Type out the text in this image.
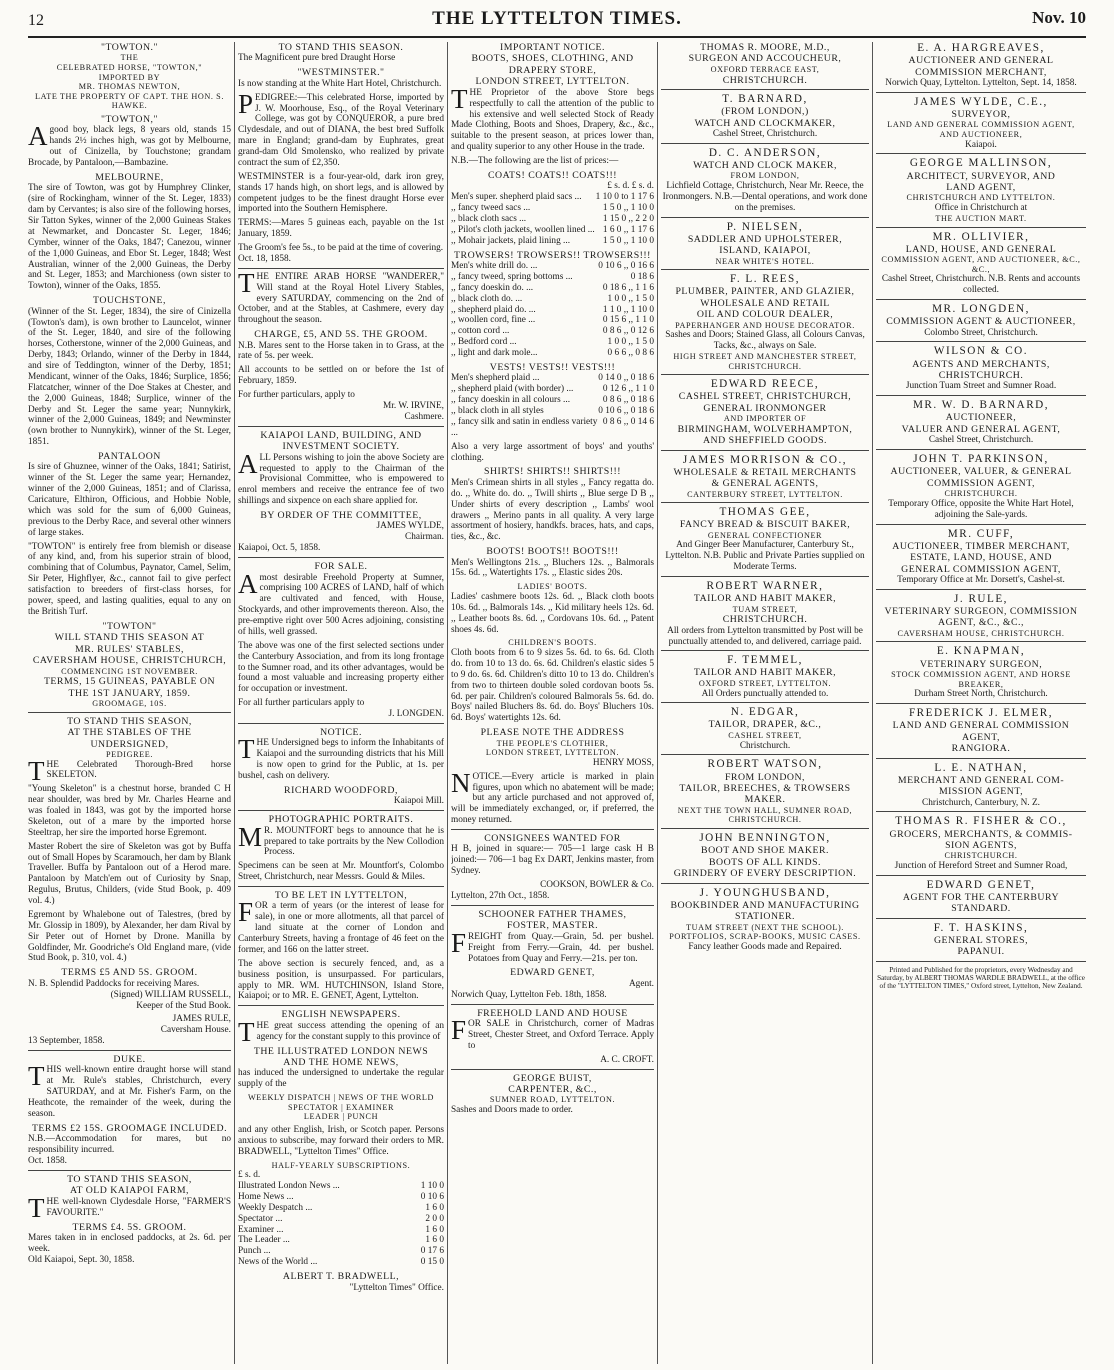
12	THE LYTTELTON TIMES.	Nov. 10

"TOWTON."

THE

CELEBRATED HORSE, "TOWTON,"

IMPORTED BY

MR. THOMAS NEWTON,

LATE THE PROPERTY OF CAPT. THE HON. S. HAWKE.

"TOWTON,"

Agood boy, black legs, 8 years old, stands 15 hands 2½ inches high, was got by Melbourne, out of Cinizella, by Touchstone; grandam Brocade, by Pantaloon,—Bambazine.

MELBOURNE,

The sire of Towton, was got by Humphrey Clinker, (sire of Rockingham, winner of the St. Leger, 1833) dam by Cervantes; is also sire of the following horses, Sir Tatton Sykes, winner of the 2,000 Guineas Stakes at Newmarket, and Doncaster St. Leger, 1846; Cymber, winner of the Oaks, 1847; Canezou, winner of the 1,000 Guineas, and Ebor St. Leger, 1848; West Australian, winner of the 2,000 Guineas, the Derby and St. Leger, 1853; and Marchioness (own sister to Towton), winner of the Oaks, 1855.

TOUCHSTONE,

(Winner of the St. Leger, 1834), the sire of Cinizella (Towton's dam), is own brother to Launcelot, winner of the St. Leger, 1840, and sire of the following horses, Cotherstone, winner of the 2,000 Guineas, and Derby, 1843; Orlando, winner of the Derby in 1844, and sire of Teddington, winner of the Derby, 1851; Mendicant, winner of the Oaks, 1846; Surplice, 1856; Flatcatcher, winner of the Doe Stakes at Chester, and the 2,000 Guineas, 1848; Surplice, winner of the Derby and St. Leger the same year; Nunnykirk, winner of the 2,000 Guineas, 1849; and Newminster (own brother to Nunnykirk), winner of the St. Leger, 1851.

PANTALOON

Is sire of Ghuznee, winner of the Oaks, 1841; Satirist, winner of the St. Leger the same year; Hernandez, winner of the 2,000 Guineas, 1851; and of Clarissa, Caricature, Elthiron, Officious, and Hobbie Noble, which was sold for the sum of 6,000 Guineas, previous to the Derby Race, and several other winners of large stakes.

"TOWTON" is entirely free from blemish or disease of any kind, and, from his superior strain of blood, combining that of Columbus, Paynator, Camel, Selim, Sir Peter, Highflyer, &c., cannot fail to give perfect satisfaction to breeders of first-class horses, for power, speed, and lasting qualities, equal to any on the British Turf.

"TOWTON"

WILL STAND THIS SEASON AT

MR. RULES' STABLES,

CAVERSHAM HOUSE, CHRISTCHURCH,

COMMENCING 1ST NOVEMBER.

TERMS, 15 GUINEAS, PAYABLE ON

THE 1ST JANUARY, 1859.

GROOMAGE, 10S.

TO STAND THIS SEASON,

AT THE STABLES OF THE

UNDERSIGNED,

PEDIGREE.

THE Celebrated Thorough-Bred horse SKELETON.

"Young Skeleton" is a chestnut horse, branded C H near shoulder, was bred by Mr. Charles Hearne and was foaled in 1843, was got by the imported horse Skeleton, out of a mare by the imported horse Steeltrap, her sire the imported horse Egremont.

Master Robert the sire of Skeleton was got by Buffa out of Small Hopes by Scaramouch, her dam by Blank Traveller. Buffa by Pantaloon out of a Herod mare. Pantaloon by Match'em out of Curiosity by Snap, Regulus, Brutus, Childers, (vide Stud Book, p. 409 vol. 4.)

Egremont by Whalebone out of Talestres, (bred by Mr. Glossip in 1809), by Alexander, her dam Rival by Sir Peter out of Hornet by Drone. Manilla by Goldfinder, Mr. Goodriche's Old England mare, (vide Stud Book, p. 310, vol. 4.)

TERMS £5 AND 5S. GROOM.

N. B. Splendid Paddocks for receiving Mares.

(Signed) WILLIAM RUSSELL,

Keeper of the Stud Book.

JAMES RULE,

Caversham House.

13 September, 1858.

DUKE.

THIS well-known entire draught horse will stand at Mr. Rule's stables, Christchurch, every SATURDAY, and at Mr. Fisher's Farm, on the Heathcote, the remainder of the week, during the season.

TERMS £2 15S. GROOMAGE INCLUDED.

N.B.—Accommodation for mares, but no responsibility incurred.

Oct. 1858.

TO STAND THIS SEASON,

AT OLD KAIAPOI FARM,

THE well-known Clydesdale Horse, "FARMER'S FAVOURITE."

TERMS £4. 5S. GROOM.

Mares taken in in enclosed paddocks, at 2s. 6d. per week.

Old Kaiapoi, Sept. 30, 1858.

TO STAND THIS SEASON.

The Magnificent pure bred Draught Horse

"WESTMINSTER."

Is now standing at the White Hart Hotel, Christchurch.

PEDIGREE:—This celebrated Horse, imported by J. W. Moorhouse, Esq., of the Royal Veterinary College, was got by CONQUEROR, a pure bred Clydesdale, and out of DIANA, the best bred Suffolk mare in England; grand-dam by Euphrates, great grand-dam Old Smolensko, who realized by private contract the sum of £2,350.

WESTMINSTER is a four-year-old, dark iron grey, stands 17 hands high, on short legs, and is allowed by competent judges to be the finest draught Horse ever imported into the Southern Hemisphere.

TERMS:—Mares 5 guineas each, payable on the 1st January, 1859.

The Groom's fee 5s., to be paid at the time of covering.

Oct. 18, 1858.

THE ENTIRE ARAB HORSE "WANDERER," Will stand at the Royal Hotel Livery Stables, every SATURDAY, commencing on the 2nd of October, and at the Stables, at Cashmere, every day throughout the season.

CHARGE, £5, AND 5S. THE GROOM.

N.B. Mares sent to the Horse taken in to Grass, at the rate of 5s. per week.

All accounts to be settled on or before the 1st of February, 1859.

For further particulars, apply to

Mr. W. IRVINE,

Cashmere.

KAIAPOI LAND, BUILDING, AND

INVESTMENT SOCIETY.

ALL Persons wishing to join the above Society are requested to apply to the Chairman of the Provisional Committee, who is empowered to enrol members and receive the entrance fee of two shillings and sixpence on each share applied for.

BY ORDER OF THE COMMITTEE,

JAMES WYLDE,

Chairman.

Kaiapoi, Oct. 5, 1858.

FOR SALE.

Amost desirable Freehold Property at Sumner, comprising 100 ACRES of LAND, half of which are cultivated and fenced, with House, Stockyards, and other improvements thereon. Also, the pre-emptive right over 500 Acres adjoining, consisting of hills, well grassed.

The above was one of the first selected sections under the Canterbury Association, and from its long frontage to the Sumner road, and its other advantages, would be found a most valuable and increasing property either for occupation or investment.

For all further particulars apply to

J. LONGDEN.

NOTICE.

THE Undersigned begs to inform the Inhabitants of Kaiapoi and the surrounding districts that his Mill is now open to grind for the Public, at 1s. per bushel, cash on delivery.

RICHARD WOODFORD,

Kaiapoi Mill.

PHOTOGRAPHIC PORTRAITS.

MR. MOUNTFORT begs to announce that he is prepared to take portraits by the New Collodion Process.

Specimens can be seen at Mr. Mountfort's, Colombo Street, Christchurch, near Messrs. Gould & Miles.

TO BE LET IN LYTTELTON,

FOR a term of years (or the interest of lease for sale), in one or more allotments, all that parcel of land situate at the corner of London and Canterbury Streets, having a frontage of 46 feet on the former, and 166 on the latter street.

The above section is securely fenced, and, as a business position, is unsurpassed. For particulars, apply to MR. WM. HUTCHINSON, Island Store, Kaiapoi; or to MR. E. GENET, Agent, Lyttelton.

ENGLISH NEWSPAPERS.

THE great success attending the opening of an agency for the constant supply to this province of

THE ILLUSTRATED LONDON NEWS

AND THE HOME NEWS,

has induced the undersigned to undertake the regular supply of the

WEEKLY DISPATCH | NEWS OF THE WORLD

SPECTATOR | EXAMINER

LEADER | PUNCH

and any other English, Irish, or Scotch paper. Persons anxious to subscribe, may forward their orders to MR. BRADWELL, "Lyttelton Times" Office.

HALF-YEARLY SUBSCRIPTIONS.

£ s. d.
Illustrated London News ...	1 10 0
Home News ...	0 10 6
Weekly Despatch ...	1 6 0
Spectator ...	2 0 0
Examiner ...	1 6 0
The Leader ...	1 6 0
Punch ...	0 17 6
News of the World ...	0 15 0

ALBERT T. BRADWELL,

"Lyttelton Times" Office.

IMPORTANT NOTICE.

BOOTS, SHOES, CLOTHING, AND

DRAPERY STORE,

LONDON STREET, LYTTELTON.

THE Proprietor of the above Store begs respectfully to call the attention of the public to his extensive and well selected Stock of Ready Made Clothing, Boots and Shoes, Drapery, &c., &c., suitable to the present season, at prices lower than, and quality superior to any other House in the trade.

N.B.—The following are the list of prices:—

COATS! COATS!! COATS!!!

£ s. d. £ s. d.
Men's super. shepherd plaid sacs ...	1 10 0 to 1 17 6
,, fancy tweed sacs ...	1 5 0 ,, 1 10 0
,, black cloth sacs ...	1 15 0 ,, 2 2 0
,, Pilot's cloth jackets, woollen lined ... 1 6 0 ,, 1 17 6
,, Mohair jackets, plaid lining ...	1 5 0 ,, 1 10 0

TROWSERS! TROWSERS!! TROWSERS!!!

Men's white drill do. ...	0 10 6 ,, 0 16 6
,, fancy tweed, spring bottoms ...	0 18 6
,, fancy doeskin do. ...	0 18 6 ,, 1 1 6
,, black cloth do. ...	1 0 0 ,, 1 5 0
,, shepherd plaid do. ...	1 1 0 ,, 1 10 0
,, woollen cord, fine ...	0 15 6 ,, 1 1 0
,, cotton cord ...	0 8 6 ,, 0 12 6
,, Bedford cord ...	1 0 0 ,, 1 5 0
,, light and dark mole...	0 6 6 ,, 0 8 6

VESTS! VESTS!! VESTS!!!

Men's shepherd plaid ...	0 14 0 ,, 0 18 6
,, shepherd plaid (with border) ...	0 12 6 ,, 1 1 0
,, fancy doeskin in all colours ...	0 8 6 ,, 0 18 6
,, black cloth in all styles	0 10 6 ,, 0 18 6
,, fancy silk and satin in endless variety ...
0 8 6 ,, 0 14 6

Also a very large assortment of boys' and youths' clothing.

SHIRTS! SHIRTS!! SHIRTS!!!

Men's Crimean shirts in all styles ,, Fancy regatta do. do. ,, White do. do. ,, Twill shirts ,, Blue serge D B ,, Under shirts of every description ,, Lambs' wool drawers ,, Merino pants in all quality. A very large assortment of hosiery, handkfs. braces, hats, and caps, ties, &c., &c.

BOOTS! BOOTS!! BOOTS!!!

Men's Wellingtons 21s. ,, Bluchers 12s. ,, Balmorals 15s. 6d. ,, Watertights 17s. ,, Elastic sides 20s.

LADIES' BOOTS.

Ladies' cashmere boots 12s. 6d. ,, Black cloth boots 10s. 6d. ,, Balmorals 14s. ,, Kid military heels 12s. 6d. ,, Leather boots 8s. 6d. ,, Cordovans 10s. 6d. ,, Patent shoes 4s. 6d.

CHILDREN'S BOOTS.

Cloth boots from 6 to 9 sizes 5s. 6d. to 6s. 6d. Cloth do. from 10 to 13 do. 6s. 6d. Children's elastic sides 5 to 9 do. 6s. 6d. Children's ditto 10 to 13 do. Children's from two to thirteen double soled cordovan boots 5s. 6d. per pair. Children's coloured Balmorals 5s. 6d. do. Boys' nailed Bluchers 8s. 6d. do. Boys' Bluchers 10s. 6d. Boys' watertights 12s. 6d.

PLEASE NOTE THE ADDRESS

THE PEOPLE'S CLOTHIER,

LONDON STREET, LYTTELTON.

HENRY MOSS,

NOTICE.—Every article is marked in plain figures, upon which no abatement will be made; but any article purchased and not approved of, will be immediately exchanged, or, if preferred, the money returned.

CONSIGNEES WANTED FOR

H B, joined in square:— 705—1 large cask H B joined:— 706—1 bag Ex DART, Jenkins master, from Sydney.

COOKSON, BOWLER & Co.

Lyttelton, 27th Oct., 1858.

SCHOONER FATHER THAMES,

FOSTER, MASTER.

FREIGHT from Quay.—Grain, 5d. per bushel. Freight from Ferry.—Grain, 4d. per bushel. Potatoes from Quay and Ferry.—21s. per ton.

EDWARD GENET,

Agent.

Norwich Quay, Lyttelton Feb. 18th, 1858.

FREEHOLD LAND AND HOUSE

FOR SALE in Christchurch, corner of Madras Street, Chester Street, and Oxford Terrace. Apply to

A. C. CROFT.

GEORGE BUIST,

CARPENTER, &C.,

SUMNER ROAD, LYTTELTON.

Sashes and Doors made to order.

THOMAS R. MOORE, M.D.,

SURGEON AND ACCOUCHEUR,

OXFORD TERRACE EAST,

CHRISTCHURCH.

T. BARNARD,

(FROM LONDON,)

WATCH AND CLOCKMAKER,

Cashel Street, Christchurch.

D. C. ANDERSON,

WATCH AND CLOCK MAKER,

FROM LONDON,

Lichfield Cottage, Christchurch, Near Mr. Reece, the Ironmongers. N.B.—Dental operations, and work done on the premises.

P. NIELSEN,

SADDLER AND UPHOLSTERER,

ISLAND, KAIAPOI,

NEAR WHITE'S HOTEL.

F. L. REES,

PLUMBER, PAINTER, AND GLAZIER,

WHOLESALE AND RETAIL

OIL AND COLOUR DEALER,

PAPERHANGER AND HOUSE DECORATOR.

Sashes and Doors; Stained Glass, all Colours Canvas, Tacks, &c., always on Sale.

HIGH STREET AND MANCHESTER STREET,

CHRISTCHURCH.

EDWARD REECE,

CASHEL STREET, CHRISTCHURCH,

GENERAL IRONMONGER

AND IMPORTER OF

BIRMINGHAM, WOLVERHAMPTON,

AND SHEFFIELD GOODS.

JAMES MORRISON & CO.,

WHOLESALE & RETAIL MERCHANTS

& GENERAL AGENTS,

CANTERBURY STREET, LYTTELTON.

THOMAS GEE,

FANCY BREAD & BISCUIT BAKER,

GENERAL CONFECTIONER

And Ginger Beer Manufacturer, Canterbury St., Lyttelton. N.B. Public and Private Parties supplied on Moderate Terms.

ROBERT WARNER,

TAILOR AND HABIT MAKER,

TUAM STREET,

CHRISTCHURCH.

All orders from Lyttelton transmitted by Post will be punctually attended to, and delivered, carriage paid.

F. TEMMEL,

TAILOR AND HABIT MAKER,

OXFORD STREET, LYTTELTON.

All Orders punctually attended to.

N. EDGAR,

TAILOR, DRAPER, &C.,

CASHEL STREET,

Christchurch.

ROBERT WATSON,

FROM LONDON,

TAILOR, BREECHES, & TROWSERS

MAKER.

NEXT THE TOWN HALL, SUMNER ROAD,

CHRISTCHURCH.

JOHN BENNINGTON,

BOOT AND SHOE MAKER.

BOOTS OF ALL KINDS.

GRINDERY OF EVERY DESCRIPTION.

J. YOUNGHUSBAND,

BOOKBINDER AND MANUFACTURING

STATIONER.

TUAM STREET (NEXT THE SCHOOL).

PORTFOLIOS, SCRAP-BOOKS, MUSIC CASES.

Fancy leather Goods made and Repaired.

E. A. HARGREAVES,

AUCTIONEER AND GENERAL

COMMISSION MERCHANT,

Norwich Quay, Lyttelton. Lyttelton, Sept. 14, 1858.

JAMES WYLDE, C.E.,

SURVEYOR,

LAND AND GENERAL COMMISSION AGENT,

AND AUCTIONEER,

Kaiapoi.

GEORGE MALLINSON,

ARCHITECT, SURVEYOR, AND

LAND AGENT,

CHRISTCHURCH AND LYTTELTON.

Office in Christchurch at

THE AUCTION MART.

MR. OLLIVIER,

LAND, HOUSE, AND GENERAL

COMMISSION AGENT, AND AUCTIONEER, &C., &C.,

Cashel Street, Christchurch. N.B. Rents and accounts collected.

MR. LONGDEN,

COMMISSION AGENT & AUCTIONEER,

Colombo Street, Christchurch.

WILSON & CO.

AGENTS AND MERCHANTS,

CHRISTCHURCH.

Junction Tuam Street and Sumner Road.

MR. W. D. BARNARD,

AUCTIONEER,

VALUER AND GENERAL AGENT,

Cashel Street, Christchurch.

JOHN T. PARKINSON,

AUCTIONEER, VALUER, & GENERAL

COMMISSION AGENT,

CHRISTCHURCH.

Temporary Office, opposite the White Hart Hotel, adjoining the Sale-yards.

MR. CUFF,

AUCTIONEER, TIMBER MERCHANT,

ESTATE, LAND, HOUSE, AND

GENERAL COMMISSION AGENT,

Temporary Office at Mr. Dorsett's, Cashel-st.

J. RULE,

VETERINARY SURGEON, COMMISSION

AGENT, &C., &C.,

CAVERSHAM HOUSE, CHRISTCHURCH.

E. KNAPMAN,

VETERINARY SURGEON,

STOCK COMMISSION AGENT, AND HORSE

BREAKER,

Durham Street North, Christchurch.

FREDERICK J. ELMER,

LAND AND GENERAL COMMISSION

AGENT,

RANGIORA.

L. E. NATHAN,

MERCHANT AND GENERAL COM-

MISSION AGENT,

Christchurch, Canterbury, N. Z.

THOMAS R. FISHER & CO.,

GROCERS, MERCHANTS, & COMMIS-

SION AGENTS,

CHRISTCHURCH.

Junction of Hereford Street and Sumner Road,

EDWARD GENET,

AGENT FOR THE CANTERBURY

STANDARD.

F. T. HASKINS,

GENERAL STORES,

PAPANUI.

Printed and Published for the proprietors, every Wednesday and Saturday, by ALBERT THOMAS WARDLE BRADWELL, at the office of the "LYTTELTON TIMES," Oxford street, Lyttelton, New Zealand.
